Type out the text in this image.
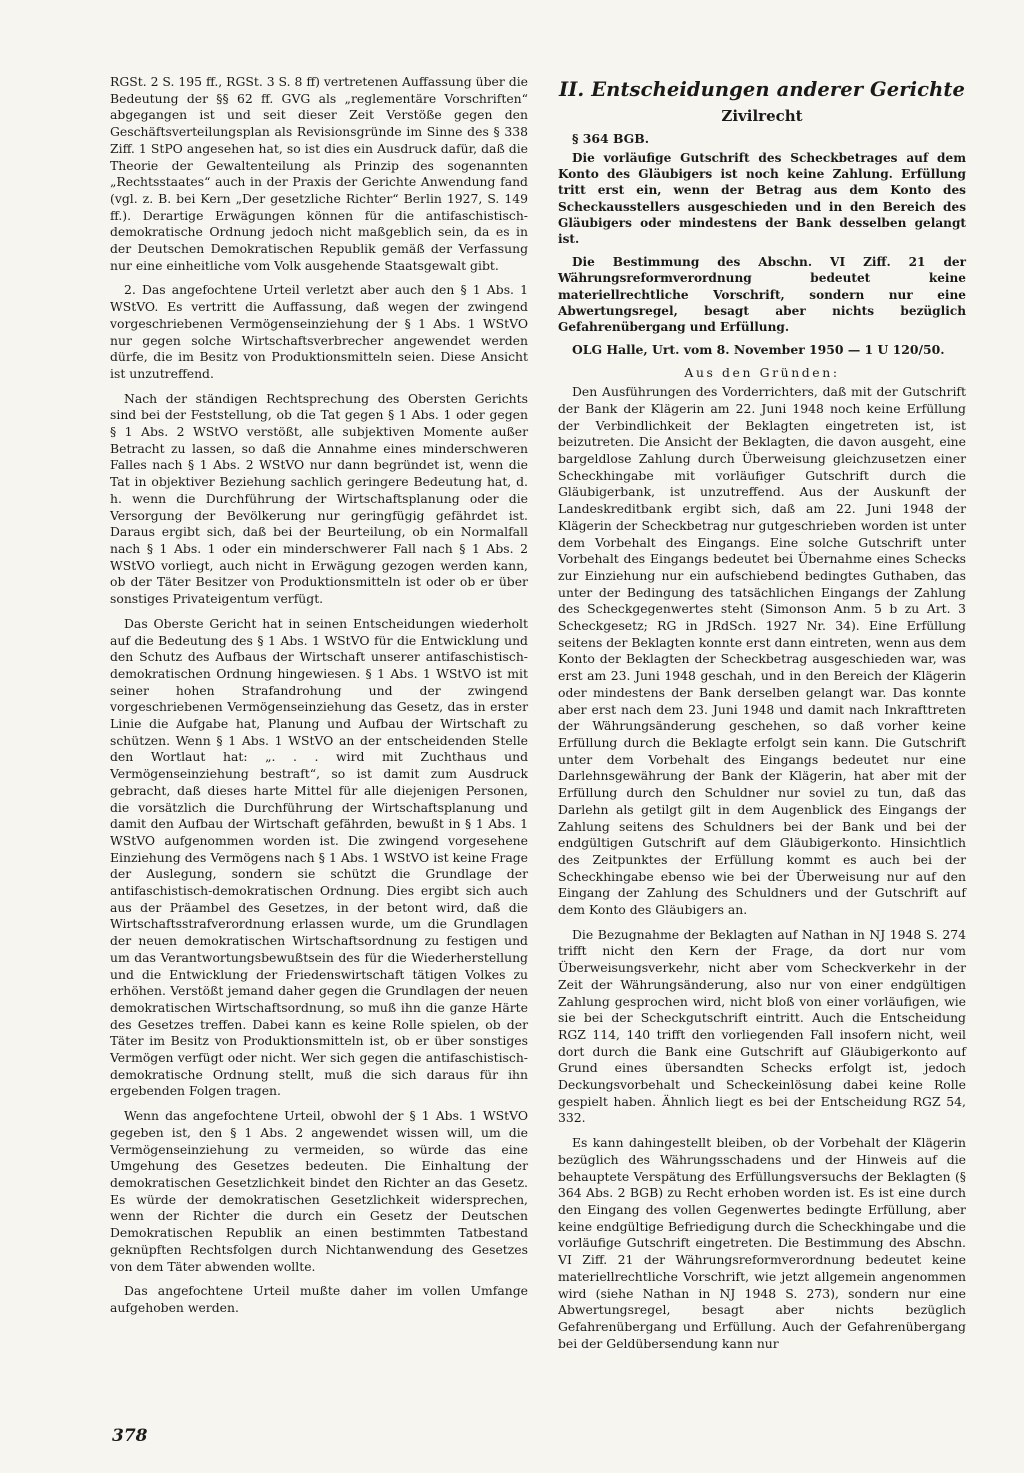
RGSt. 2 S. 195 ff., RGSt. 3 S. 8 ff) vertretenen Auffassung über die Bedeutung der §§ 62 ff. GVG als „reglementäre Vorschriften“ abgegangen ist und seit dieser Zeit Verstöße gegen den Geschäftsverteilungsplan als Revisionsgründe im Sinne des § 338 Ziff. 1 StPO angesehen hat, so ist dies ein Ausdruck dafür, daß die Theorie der Gewaltenteilung als Prinzip des sogenannten „Rechtsstaates“ auch in der Praxis der Gerichte Anwendung fand (vgl. z. B. bei Kern „Der gesetzliche Richter“ Berlin 1927, S. 149 ff.). Derartige Erwägungen können für die antifaschistisch-demokratische Ordnung jedoch nicht maßgeblich sein, da es in der Deutschen Demokratischen Republik gemäß der Verfassung nur eine einheitliche vom Volk ausgehende Staatsgewalt gibt.

2. Das angefochtene Urteil verletzt aber auch den § 1 Abs. 1 WStVO. Es vertritt die Auffassung, daß wegen der zwingend vorgeschriebenen Vermögenseinziehung der § 1 Abs. 1 WStVO nur gegen solche Wirtschaftsverbrecher angewendet werden dürfe, die im Besitz von Produktionsmitteln seien. Diese Ansicht ist unzutreffend.

Nach der ständigen Rechtsprechung des Obersten Gerichts sind bei der Feststellung, ob die Tat gegen § 1 Abs. 1 oder gegen § 1 Abs. 2 WStVO verstößt, alle subjektiven Momente außer Betracht zu lassen, so daß die Annahme eines minderschweren Falles nach § 1 Abs. 2 WStVO nur dann begründet ist, wenn die Tat in objektiver Beziehung sachlich geringere Bedeutung hat, d. h. wenn die Durchführung der Wirtschaftsplanung oder die Versorgung der Bevölkerung nur geringfügig gefährdet ist. Daraus ergibt sich, daß bei der Beurteilung, ob ein Normalfall nach § 1 Abs. 1 oder ein minderschwerer Fall nach § 1 Abs. 2 WStVO vorliegt, auch nicht in Erwägung gezogen werden kann, ob der Täter Besitzer von Produktionsmitteln ist oder ob er über sonstiges Privateigentum verfügt.

Das Oberste Gericht hat in seinen Entscheidungen wiederholt auf die Bedeutung des § 1 Abs. 1 WStVO für die Entwicklung und den Schutz des Aufbaus der Wirtschaft unserer antifaschistisch-demokratischen Ordnung hingewiesen. § 1 Abs. 1 WStVO ist mit seiner hohen Strafandrohung und der zwingend vorgeschriebenen Vermögenseinziehung das Gesetz, das in erster Linie die Aufgabe hat, Planung und Aufbau der Wirtschaft zu schützen. Wenn § 1 Abs. 1 WStVO an der entscheidenden Stelle den Wortlaut hat: „. . . wird mit Zuchthaus und Vermögenseinziehung bestraft“, so ist damit zum Ausdruck gebracht, daß dieses harte Mittel für alle diejenigen Personen, die vorsätzlich die Durchführung der Wirtschaftsplanung und damit den Aufbau der Wirtschaft gefährden, bewußt in § 1 Abs. 1 WStVO aufgenommen worden ist. Die zwingend vorgesehene Einziehung des Vermögens nach § 1 Abs. 1 WStVO ist keine Frage der Auslegung, sondern sie schützt die Grundlage der antifaschistisch-demokratischen Ordnung. Dies ergibt sich auch aus der Präambel des Gesetzes, in der betont wird, daß die Wirtschaftsstrafverordnung erlassen wurde, um die Grundlagen der neuen demokratischen Wirtschaftsordnung zu festigen und um das Verantwortungsbewußtsein des für die Wiederherstellung und die Entwicklung der Friedenswirtschaft tätigen Volkes zu erhöhen. Verstößt jemand daher gegen die Grundlagen der neuen demokratischen Wirtschaftsordnung, so muß ihn die ganze Härte des Gesetzes treffen. Dabei kann es keine Rolle spielen, ob der Täter im Besitz von Produktionsmitteln ist, ob er über sonstiges Vermögen verfügt oder nicht. Wer sich gegen die antifaschistisch-demokratische Ordnung stellt, muß die sich daraus für ihn ergebenden Folgen tragen.

Wenn das angefochtene Urteil, obwohl der § 1 Abs. 1 WStVO gegeben ist, den § 1 Abs. 2 angewendet wissen will, um die Vermögenseinziehung zu vermeiden, so würde das eine Umgehung des Gesetzes bedeuten. Die Einhaltung der demokratischen Gesetzlichkeit bindet den Richter an das Gesetz. Es würde der demokratischen Gesetzlichkeit widersprechen, wenn der Richter die durch ein Gesetz der Deutschen Demokratischen Republik an einen bestimmten Tatbestand geknüpften Rechtsfolgen durch Nichtanwendung des Gesetzes von dem Täter abwenden wollte.

Das angefochtene Urteil mußte daher im vollen Umfange aufgehoben werden.

II. Entscheidungen anderer Gerichte
Zivilrecht
§ 364 BGB.

Die vorläufige Gutschrift des Scheckbetrages auf dem Konto des Gläubigers ist noch keine Zahlung. Erfüllung tritt erst ein, wenn der Betrag aus dem Konto des Scheckausstellers ausgeschieden und in den Bereich des Gläubigers oder mindestens der Bank desselben gelangt ist.

Die Bestimmung des Abschn. VI Ziff. 21 der Währungsreformverordnung bedeutet keine materiellrechtliche Vorschrift, sondern nur eine Abwertungsregel, besagt aber nichts bezüglich Gefahrenübergang und Erfüllung.

OLG Halle, Urt. vom 8. November 1950 — 1 U 120/50.
Aus den Gründen:

Den Ausführungen des Vorderrichters, daß mit der Gutschrift der Bank der Klägerin am 22. Juni 1948 noch keine Erfüllung der Verbindlichkeit der Beklagten eingetreten ist, ist beizutreten. Die Ansicht der Beklagten, die davon ausgeht, eine bargeldlose Zahlung durch Überweisung gleichzusetzen einer Scheckhingabe mit vorläufiger Gutschrift durch die Gläubigerbank, ist unzutreffend. Aus der Auskunft der Landeskreditbank ergibt sich, daß am 22. Juni 1948 der Klägerin der Scheckbetrag nur gutgeschrieben worden ist unter dem Vorbehalt des Eingangs. Eine solche Gutschrift unter Vorbehalt des Eingangs bedeutet bei Übernahme eines Schecks zur Einziehung nur ein aufschiebend bedingtes Guthaben, das unter der Bedingung des tatsächlichen Eingangs der Zahlung des Scheckgegenwertes steht (Simonson Anm. 5 b zu Art. 3 Scheckgesetz; RG in JRdSch. 1927 Nr. 34). Eine Erfüllung seitens der Beklagten konnte erst dann eintreten, wenn aus dem Konto der Beklagten der Scheckbetrag ausgeschieden war, was erst am 23. Juni 1948 geschah, und in den Bereich der Klägerin oder mindestens der Bank derselben gelangt war. Das konnte aber erst nach dem 23. Juni 1948 und damit nach Inkrafttreten der Währungsänderung geschehen, so daß vorher keine Erfüllung durch die Beklagte erfolgt sein kann. Die Gutschrift unter dem Vorbehalt des Eingangs bedeutet nur eine Darlehnsgewährung der Bank der Klägerin, hat aber mit der Erfüllung durch den Schuldner nur soviel zu tun, daß das Darlehn als getilgt gilt in dem Augenblick des Eingangs der Zahlung seitens des Schuldners bei der Bank und bei der endgültigen Gutschrift auf dem Gläubigerkonto. Hinsichtlich des Zeitpunktes der Erfüllung kommt es auch bei der Scheckhingabe ebenso wie bei der Überweisung nur auf den Eingang der Zahlung des Schuldners und der Gutschrift auf dem Konto des Gläubigers an.

Die Bezugnahme der Beklagten auf Nathan in NJ 1948 S. 274 trifft nicht den Kern der Frage, da dort nur vom Überweisungsverkehr, nicht aber vom Scheckverkehr in der Zeit der Währungsänderung, also nur von einer endgültigen Zahlung gesprochen wird, nicht bloß von einer vorläufigen, wie sie bei der Scheckgutschrift eintritt. Auch die Entscheidung RGZ 114, 140 trifft den vorliegenden Fall insofern nicht, weil dort durch die Bank eine Gutschrift auf Gläubigerkonto auf Grund eines übersandten Schecks erfolgt ist, jedoch Deckungsvorbehalt und Scheckeinlösung dabei keine Rolle gespielt haben. Ähnlich liegt es bei der Entscheidung RGZ 54, 332.

Es kann dahingestellt bleiben, ob der Vorbehalt der Klägerin bezüglich des Währungsschadens und der Hinweis auf die behauptete Verspätung des Erfüllungsversuchs der Beklagten (§ 364 Abs. 2 BGB) zu Recht erhoben worden ist. Es ist eine durch den Eingang des vollen Gegenwertes bedingte Erfüllung, aber keine endgültige Befriedigung durch die Scheckhingabe und die vorläufige Gutschrift eingetreten. Die Bestimmung des Abschn. VI Ziff. 21 der Währungsreformverordnung bedeutet keine materiellrechtliche Vorschrift, wie jetzt allgemein angenommen wird (siehe Nathan in NJ 1948 S. 273), sondern nur eine Abwertungsregel, besagt aber nichts bezüglich Gefahrenübergang und Erfüllung. Auch der Gefahrenübergang bei der Geldübersendung kann nur

378
